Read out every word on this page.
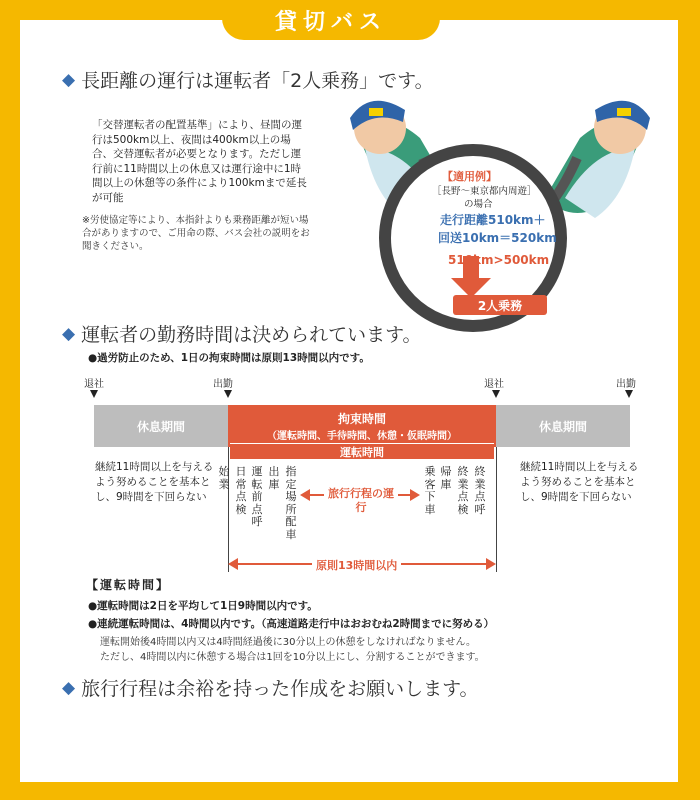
貸切バス
◆ 長距離の運行は運転者「2人乗務」です。
「交替運転者の配置基準」により、昼間の運行は500km以上、夜間は400km以上の場合、交替運転者が必要となります。ただし運行前に11時間以上の休息又は運行途中に1時間以上の休憩等の条件により100kmまで延長が可能
※労使協定等により、本指針よりも乗務距離が短い場合がありますので、ご用命の際、バス会社の説明をお聞きください。
【適用例】
［長野～東京都内周遊］
の場合
走行距離510km＋
回送10km＝520km
510km>500km
2人乗務
◆ 運転者の勤務時間は決められています。
●過労防止のため、1日の拘束時間は原則13時間以内です。
退社	出勤	退社	出勤
休息期間
拘束時間
（運転時間、手待時間、休憩・仮眠時間）
休息期間
運転時間
継続11時間以上を与えるよう努めることを基本とし、9時間を下回らない
継続11時間以上を与えるよう努めることを基本とし、9時間を下回らない
始業
日常点検
運転前点呼
出庫
指定場所配車
乗客下車
帰庫
終業点検
終業点呼
旅行行程の運行
原則13時間以内
【運転時間】
●運転時間は2日を平均して1日9時間以内です。
●連続運転時間は、4時間以内です。（高速道路走行中はおおむね2時間までに努める）
運転開始後4時間以内又は4時間経過後に30分以上の休憩をしなければなりません。
ただし、4時間以内に休憩する場合は1回を10分以上にし、分割することができます。
◆ 旅行行程は余裕を持った作成をお願いします。
